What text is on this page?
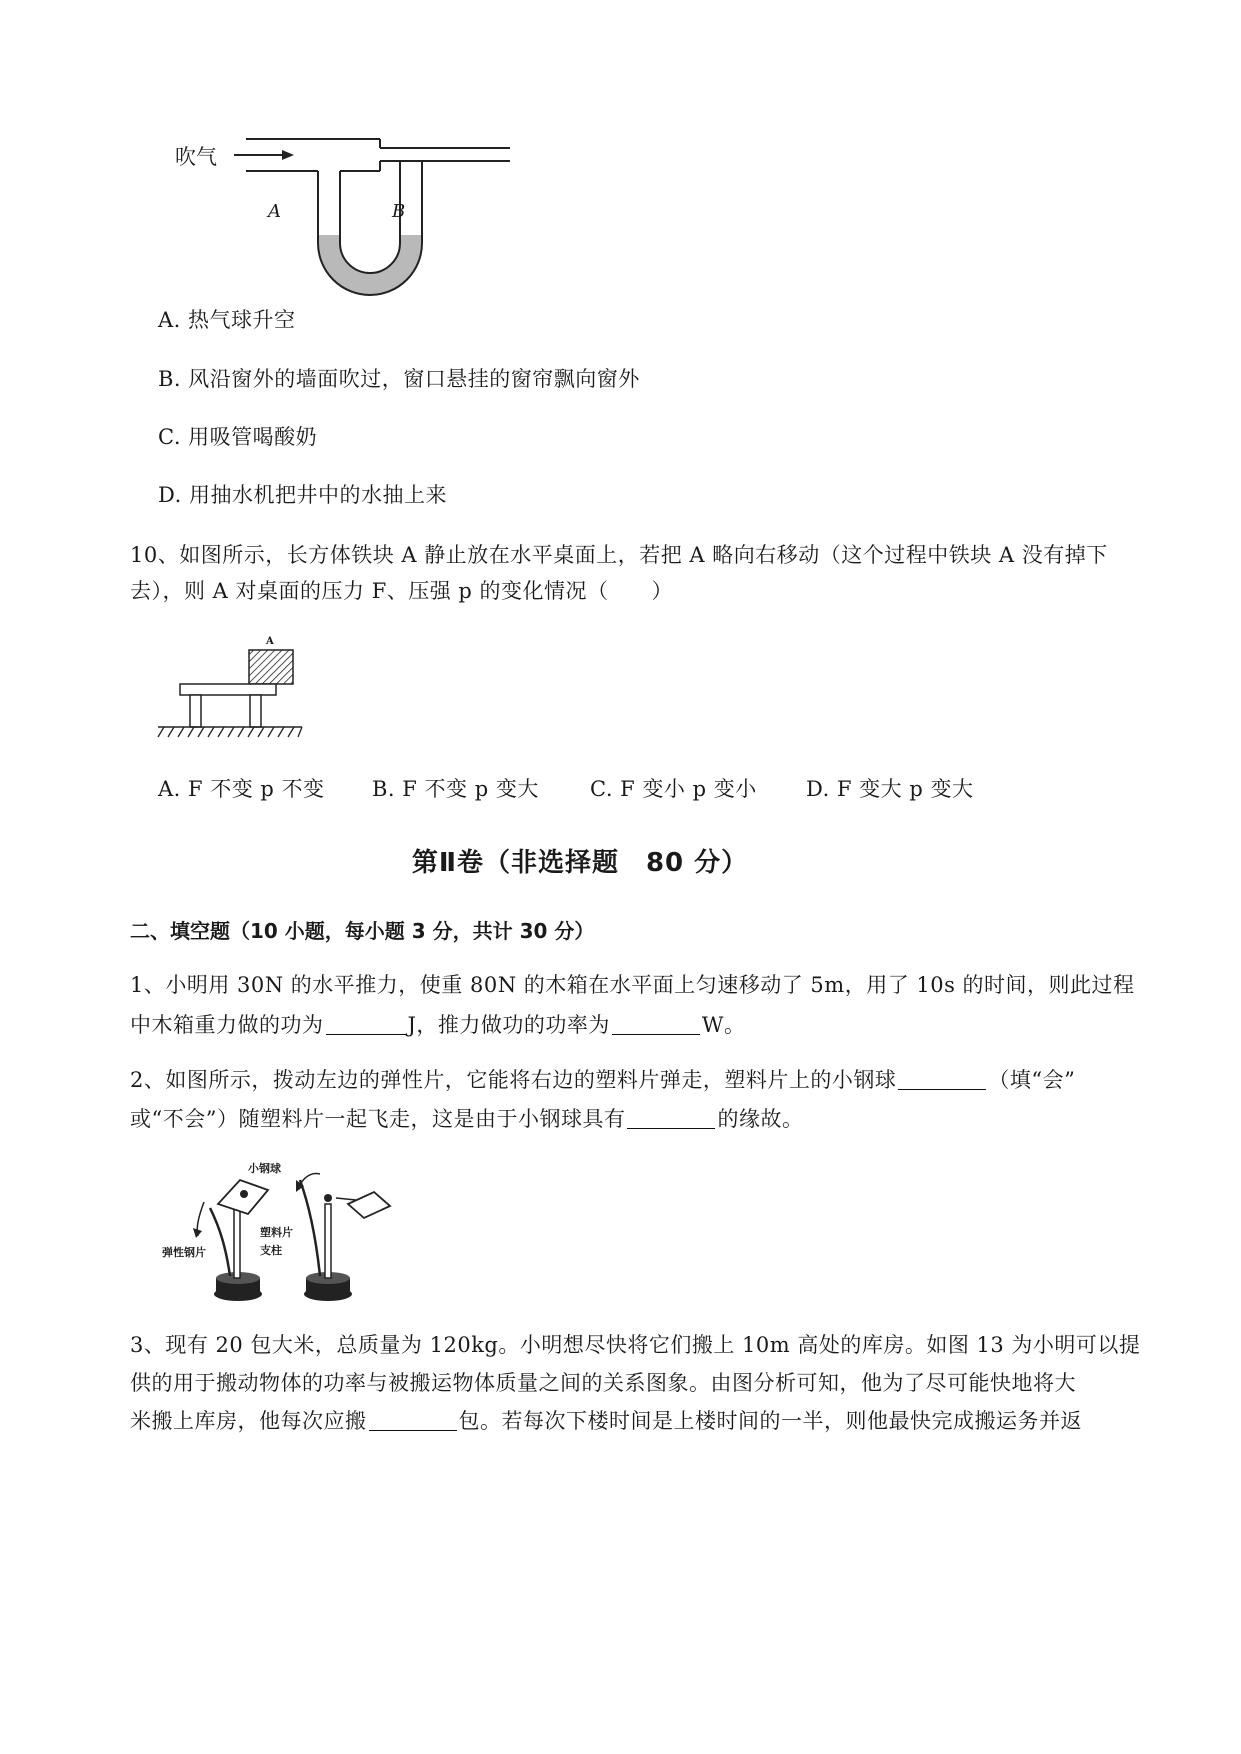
吹气
A	B
A. 热气球升空
B. 风沿窗外的墙面吹过，窗口悬挂的窗帘飘向窗外
C. 用吸管喝酸奶
D. 用抽水机把井中的水抽上来
10、如图所示，长方体铁块 A 静止放在水平桌面上，若把 A 略向右移动（这个过程中铁块 A 没有掉下
去），则 A 对桌面的压力 F、压强 p 的变化情况（　　）
A
A. F 不变 p 不变 B. F 不变 p 变大 C. F 变小 p 变小 D. F 变大 p 变大
第Ⅱ卷（非选择题　80 分）
二、填空题（10 小题，每小题 3 分，共计 30 分）
1、小明用 30N 的水平推力，使重 80N 的木箱在水平面上匀速移动了 5m，用了 10s 的时间，则此过程
中木箱重力做的功为	J，推力做功的功率为	W。
2、如图所示，拨动左边的弹性片，它能将右边的塑料片弹走，塑料片上的小钢球	（填“会”
或“不会”）随塑料片一起飞走，这是由于小钢球具有	的缘故。
小钢球
塑料片
支柱
弹性钢片
3、现有 20 包大米，总质量为 120kg。小明想尽快将它们搬上 10m 高处的库房。如图 13 为小明可以提
供的用于搬动物体的功率与被搬运物体质量之间的关系图象。由图分析可知，他为了尽可能快地将大
米搬上库房，他每次应搬	包。若每次下楼时间是上楼时间的一半，则他最快完成搬运务并返
